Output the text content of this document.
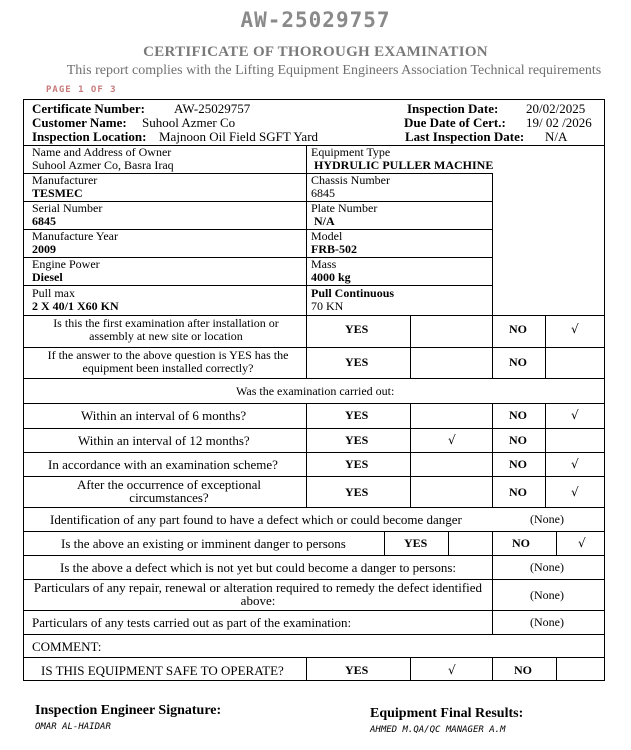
AW-25029757
CERTIFICATE OF THOROUGH EXAMINATION
This report complies with the Lifting Equipment Engineers Association Technical requirements
PAGE 1 OF 3
Certificate Number: AW-25029757
Customer Name: Suhool Azmer Co
Inspection Location: Majnoon Oil Field SGFT Yard
Inspection Date: 20/02/2025
Due Date of Cert.: 19/ 02 /2026
Last Inspection Date: N/A
Name and Address of Owner
Suhool Azmer Co, Basra Iraq
Equipment Type
HYDRULIC PULLER MACHINE
Manufacturer
TESMEC
Chassis Number
6845
Serial Number
6845
Plate Number
N/A
Manufacture Year
2009
Model
FRB-502
Engine Power
Diesel
Mass
4000 kg
Pull max
2 X 40/1 X60 KN
Pull Continuous
70 KN
Is this the first examination after installation or assembly at new site or location	YES	NO	√
If the answer to the above question is YES has the equipment been installed correctly?	YES	NO
Was the examination carried out:
Within an interval of 6 months?	YES	NO	√
Within an interval of 12 months?	YES	√	NO
In accordance with an examination scheme?	YES	NO	√
After the occurrence of exceptional circumstances?	YES	NO	√
Identification of any part found to have a defect which or could become danger	(None)
Is the above an existing or imminent danger to persons	YES	NO	√
Is the above a defect which is not yet but could become a danger to persons:	(None)
Particulars of any repair, renewal or alteration required to remedy the defect identified above:	(None)
Particulars of any tests carried out as part of the examination:	(None)
COMMENT:
IS THIS EQUIPMENT SAFE TO OPERATE?	YES	√	NO
Inspection Engineer Signature:
OMAR AL-HAIDAR
Equipment Final Results:
AHMED M.QA/QC MANAGER A.M
